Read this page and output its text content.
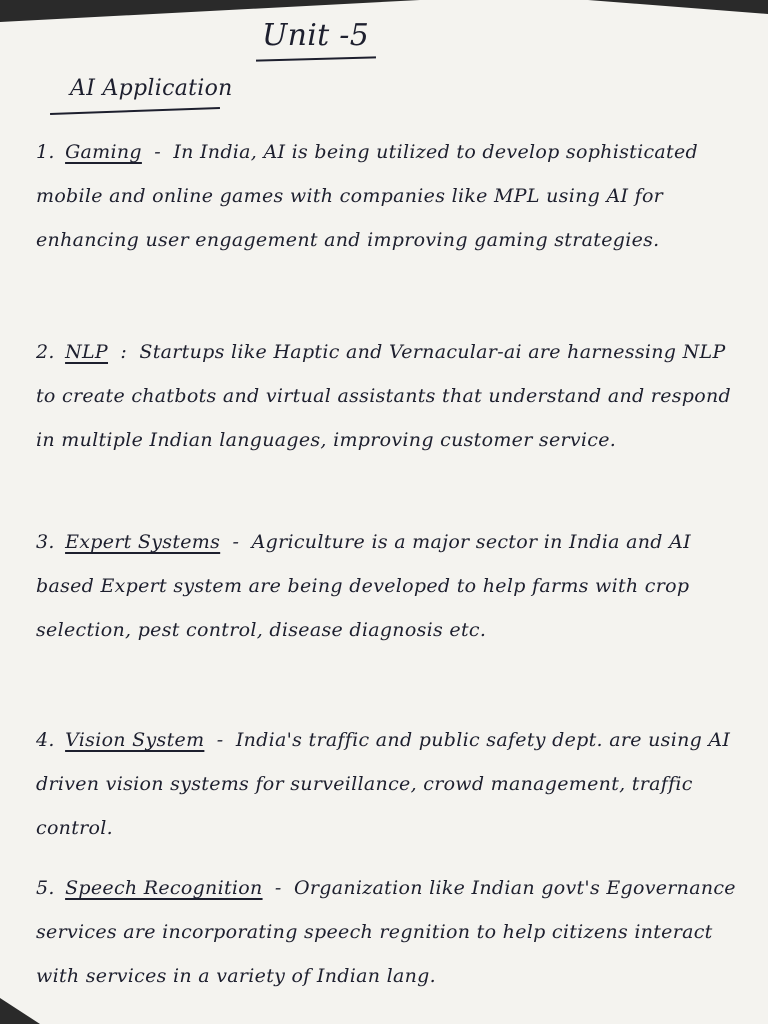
Unit -5
AI Application
1. Gaming - In India, AI is being utilized to develop sophisticated mobile and online games with companies like MPL using AI for enhancing user engagement and improving gaming strategies.
2. NLP : Startups like Haptic and Vernacular-ai are harnessing NLP to create chatbots and virtual assistants that understand and respond in multiple Indian languages, improving customer service.
3. Expert Systems - Agriculture is a major sector in India and AI based Expert system are being developed to help farms with crop selection, pest control, disease diagnosis etc.
4. Vision System - India's traffic and public safety dept. are using AI driven vision systems for surveillance, crowd management, traffic control.
5. Speech Recognition - Organization like Indian govt's Egovernance services are incorporating speech regnition to help citizens interact with services in a variety of Indian lang.
